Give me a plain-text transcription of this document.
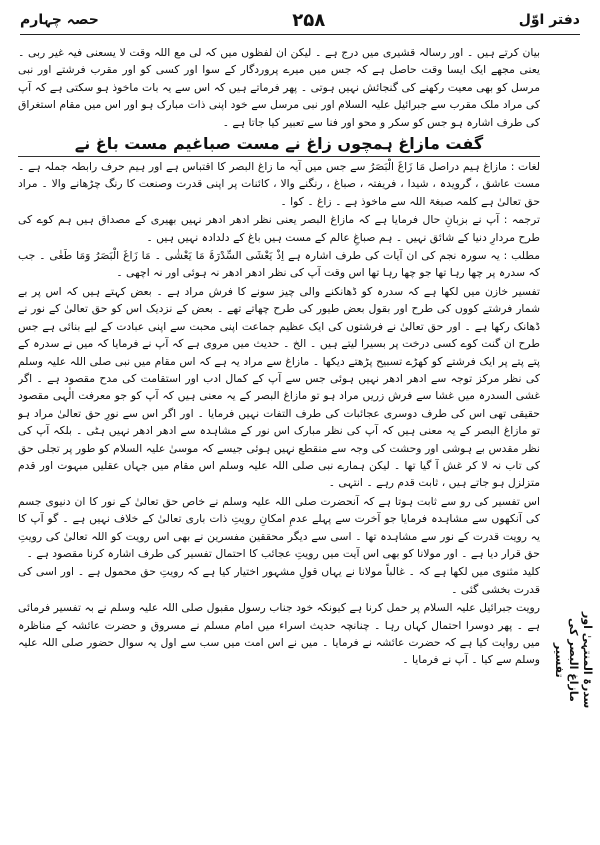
دفتر اوّل
۲۵۸
حصہ چہارم

بیان کرتے ہیں ۔ اور رسالہ قشیری میں درج ہے ۔ لیکن ان لفظوں میں کہ لی مع اللہ وقت لا یسعنی فیہ غیر ربی ۔ یعنی مجھے ایک ایسا وقت حاصل ہے کہ جس میں میرے پروردگار کے سوا اور کسی کو اور مقرب فرشتے اور نبی مرسل کو بھی معیت رکھنے کی گنجائش نہیں ہوتی ۔ پھر فرماتے ہیں کہ اس سے یہ بات ماخوذ ہو سکتی ہے کہ آپ کی مراد ملک مقرب سے جبرائیل علیہ السلام اور نبی مرسل سے خود اپنی ذات مبارک ہو اور اس میں مقام استغراق کی طرف اشارہ ہو جس کو سکر و محو اور فنا سے تعبیر کیا جاتا ہے ۔

گفت مازاغ ہمچوں زاغ نے مست صباغیم مست باغ نے

لغات : مازاغ ہیم دراصل مَا زَاغَ الْبَصَرُ سے جس میں آیہ ما زاغ البصر کا اقتباس ہے اور ہیم حرف رابطہ جملہ ہے ۔ مست عاشق ، گرویدہ ، شیدا ، فریفتہ ، صباغ ، رنگنے والا ، کائنات پر اپنی قدرت وصنعت کا رنگ چڑھانے والا ۔ مراد حق تعالیٰ ہے کلمہ صبغۃ اللہ سے ماخوذ ہے ۔ زاغ ۔ کوا ۔

ترجمہ : آپ نے بزبانِ حال فرمایا ہے کہ مازاغ البصر یعنی نظر ادھر ادھر نہیں بھیری کے مصداق ہیں ہم کوے کی طرح مردارِ دنیا کے شائق نہیں ۔ ہم صباغِ عالم کے مست ہیں باغ کے دلدادہ نہیں ہیں ۔

مطلب : یہ سورہ نجم کی ان آیات کی طرف اشارہ ہے اِذْ یَغْشَی السِّدْرَۃَ مَا یَغْشٰی ۔ مَا زَاغَ الْبَصَرُ وَمَا طَغٰی ۔ جب کہ سدرہ پر چھا رہا تھا جو چھا رہا تھا اس وقت آپ کی نظر ادھر ادھر نہ ہوئی اور نہ اچھی ۔

تفسیر خازن میں لکھا ہے کہ سدرہ کو ڈھانکنے والی چیز سونے کا فرش مراد ہے ۔ بعض کہتے ہیں کہ اس پر بے شمار فرشتے کووں کی طرح اور بقول بعض طیور کی طرح چھاتے تھے ۔ بعض کے نزدیک اس کو حق تعالیٰ کے نور نے ڈھانک رکھا ہے ۔ اور حق تعالیٰ نے فرشتوں کی ایک عظیم جماعت اپنی محبت سے اپنی عبادت کے لیے بنائی ہے جس طرح ان گنت کوے کسی درخت پر بسیرا لیتے ہیں ۔ الخ ۔ حدیث میں مروی ہے کہ آپ نے فرمایا کہ میں نے سدرہ کے پتے پتے پر ایک فرشتے کو کھڑے تسبیح پڑھتے دیکھا ۔ مازاغ سے مراد یہ ہے کہ اس مقام میں نبی صلی اللہ علیہ وسلم کی نظر مرکز توجہ سے ادھر ادھر نہیں ہوئی جس سے آپ کے کمال ادب اور استقامت کی مدح مقصود ہے ۔ اگر غشی السدرہ میں غشا سے فرش زریں مراد ہو تو مازاغ البصر کے یہ معنی ہیں کہ آپ کو جو معرفت الٰہی مقصود حقیقی تھی اس کی طرف دوسری عجائبات کی طرف التفات نہیں فرمایا ۔ اور اگر اس سے نورِ حق تعالیٰ مراد ہو تو مازاغ البصر کے یہ معنی ہیں کہ آپ کی نظر مبارک اس نور کے مشاہدہ سے ادھر ادھر نہیں ہٹی ۔ بلکہ آپ کی نظر مقدس بے ہوشی اور وحشت کی وجہ سے منقطع نہیں ہوئی جیسے کہ موسیٰ علیہ السلام کو طور پر تجلی حق کی تاب نہ لا کر غش آ گیا تھا ۔ لیکن ہمارے نبی صلی اللہ علیہ وسلم اس مقام میں جہاں عقلیں مبہوت اور قدم متزلزل ہو جاتے ہیں ، ثابت قدم رہے ۔ انتہی ۔

اس تفسیر کی رو سے ثابت ہوتا ہے کہ آنحضرت صلی اللہ علیہ وسلم نے خاص حق تعالیٰ کے نور کا ان دنیوی جسم کی آنکھوں سے مشاہدہ فرمایا جو آخرت سے پہلے عدمِ امکانِ رویتِ ذات باری تعالیٰ کے خلاف نہیں ہے ۔ گو آپ کا یہ رویت قدرت کے نور سے مشاہدہ تھا ۔ اسی سے دیگر محققین مفسرین نے بھی اس رویت کو اللہ تعالیٰ کی رویتِ حق قرار دیا ہے ۔ اور مولانا کو بھی اس آیت میں رویتِ عجائب کا احتمال تفسیر کی طرف اشارہ کرنا مقصود ہے ۔

کلید مثنوی میں لکھا ہے کہ ۔ غالباً مولانا نے یہاں قولِ مشہور اختیار کیا ہے کہ رویتِ حق محمول ہے ۔ اور اسی کی قدرت بخشی گئی ۔

رویت جبرائیل علیہ السلام پر حمل کرنا ہے کیونکہ خود جناب رسول مقبول صلی اللہ علیہ وسلم نے بہ تفسیر فرمائی ہے ۔ پھر دوسرا احتمال کہاں رہا ۔ چنانچہ حدیث اسراء میں امام مسلم نے مسروق و حضرت عائشہ کے مناظرہ میں روایت کیا ہے کہ حضرت عائشہ نے فرمایا ۔ میں نے اس امت میں سب سے اول یہ سوال حضور صلی اللہ علیہ وسلم سے کیا ۔ آپ نے فرمایا ۔	سدرۃ المنتہیٰ اور مازاغ البصر کی تفسیر
